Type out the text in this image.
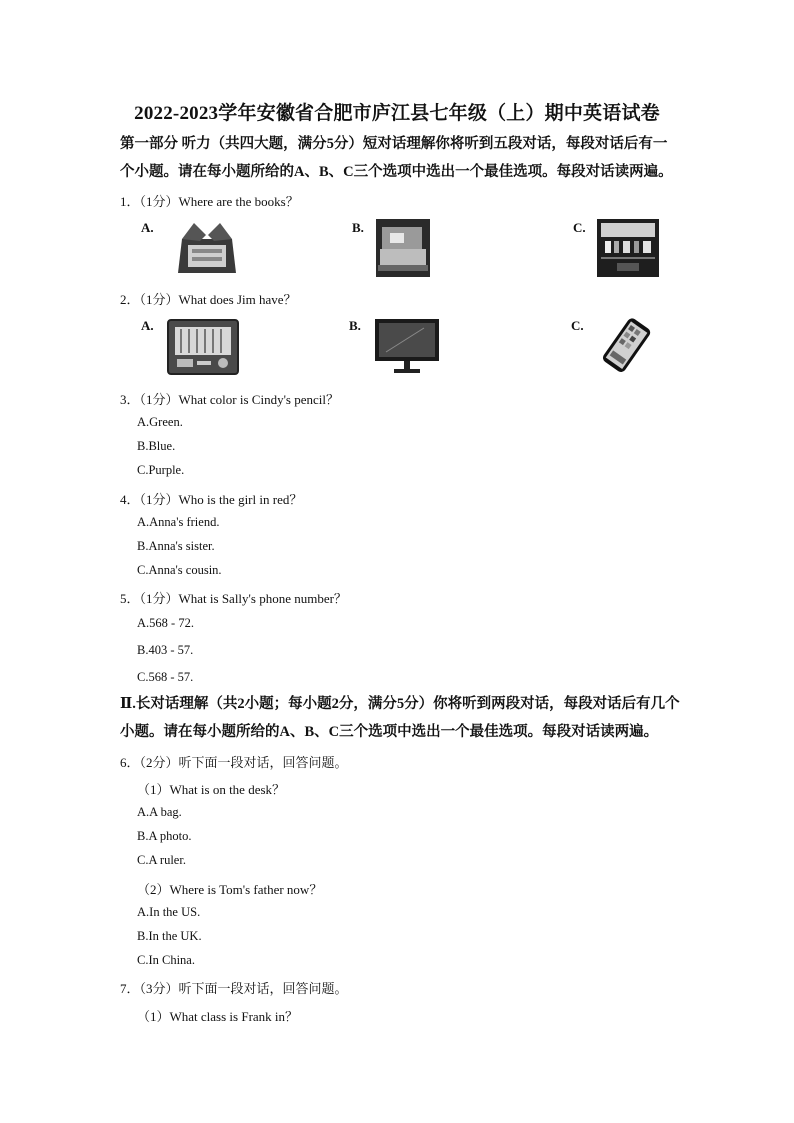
2022-2023学年安徽省合肥市庐江县七年级（上）期中英语试卷
第一部分 听力（共四大题，满分5分）短对话理解你将听到五段对话，每段对话后有一个小题。请在每小题所给的A、B、C三个选项中选出一个最佳选项。每段对话读两遍。
1．（1分）Where are the books？
A.	B.	C.
2．（1分）What does Jim have？
A.	B.	C.
3．（1分）What color is Cindy's pencil？
A.Green.
B.Blue.
C.Purple.
4．（1分）Who is the girl in red？
A.Anna's friend.
B.Anna's sister.
C.Anna's cousin.
5．（1分）What is Sally's phone number？
A.568 - 72.
B.403 - 57.
C.568 - 57.
Ⅱ.长对话理解（共2小题；每小题2分，满分5分）你将听到两段对话，每段对话后有几个小题。请在每小题所给的A、B、C三个选项中选出一个最佳选项。每段对话读两遍。
6．（2分）听下面一段对话，回答问题。
（1）What is on the desk？
A.A bag.
B.A photo.
C.A ruler.
（2）Where is Tom's father now？
A.In the US.
B.In the UK.
C.In China.
7．（3分）听下面一段对话，回答问题。
（1）What class is Frank in？
